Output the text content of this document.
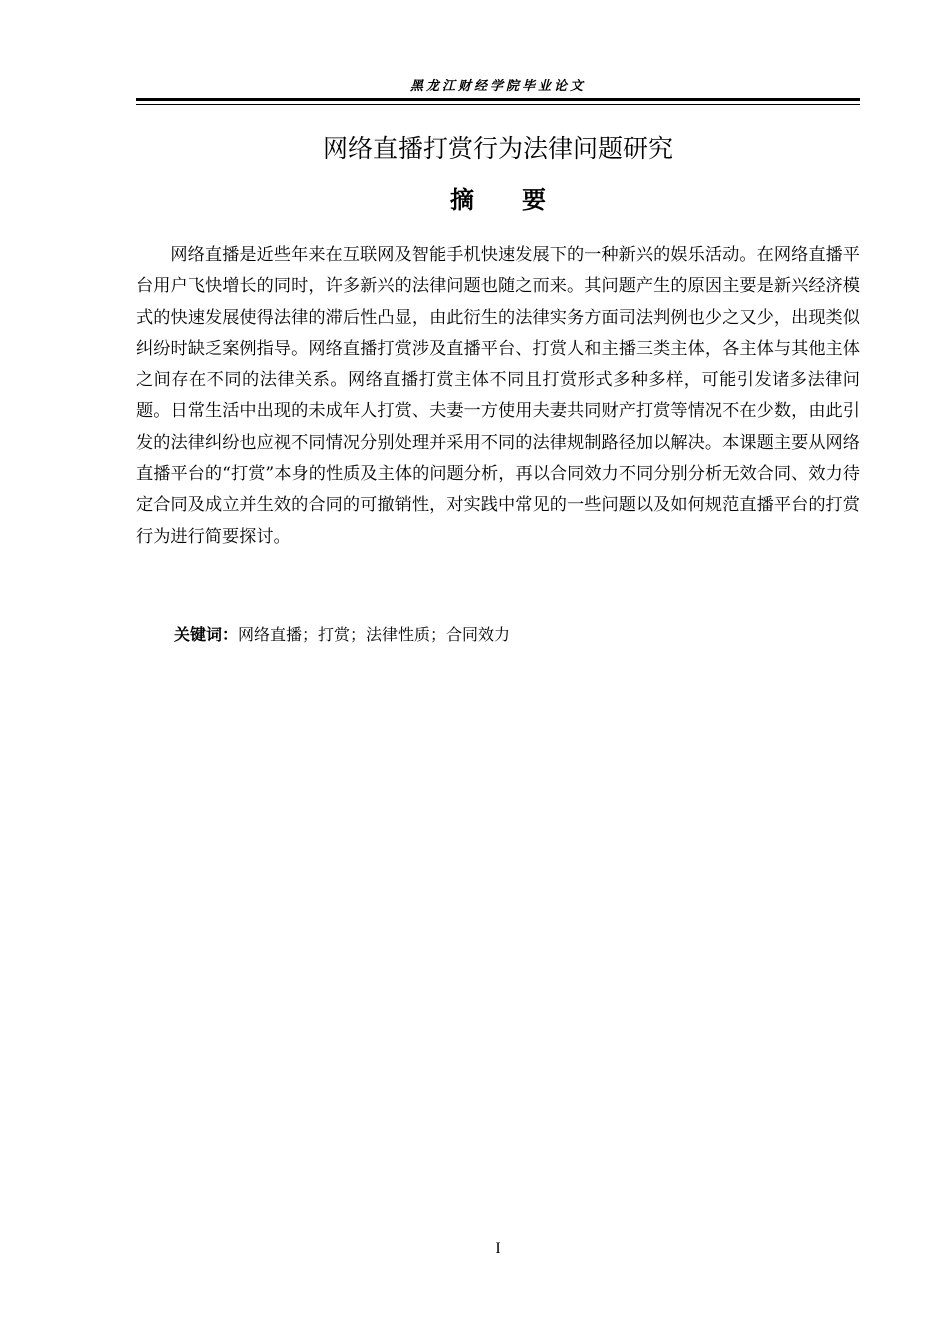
黑龙江财经学院毕业论文
网络直播打赏行为法律问题研究
摘 要

网络直播是近些年来在互联网及智能手机快速发展下的一种新兴的娱乐活动。在网络直播平台用户飞快增长的同时，许多新兴的法律问题也随之而来。其问题产生的原因主要是新兴经济模式的快速发展使得法律的滞后性凸显，由此衍生的法律实务方面司法判例也少之又少，出现类似纠纷时缺乏案例指导。网络直播打赏涉及直播平台、打赏人和主播三类主体，各主体与其他主体之间存在不同的法律关系。网络直播打赏主体不同且打赏形式多种多样，可能引发诸多法律问题。日常生活中出现的未成年人打赏、夫妻一方使用夫妻共同财产打赏等情况不在少数，由此引发的法律纠纷也应视不同情况分别处理并采用不同的法律规制路径加以解决。本课题主要从网络直播平台的“打赏”本身的性质及主体的问题分析，再以合同效力不同分别分析无效合同、效力待定合同及成立并生效的合同的可撤销性，对实践中常见的一些问题以及如何规范直播平台的打赏行为进行简要探讨。

关键词：网络直播；打赏；法律性质；合同效力
I
